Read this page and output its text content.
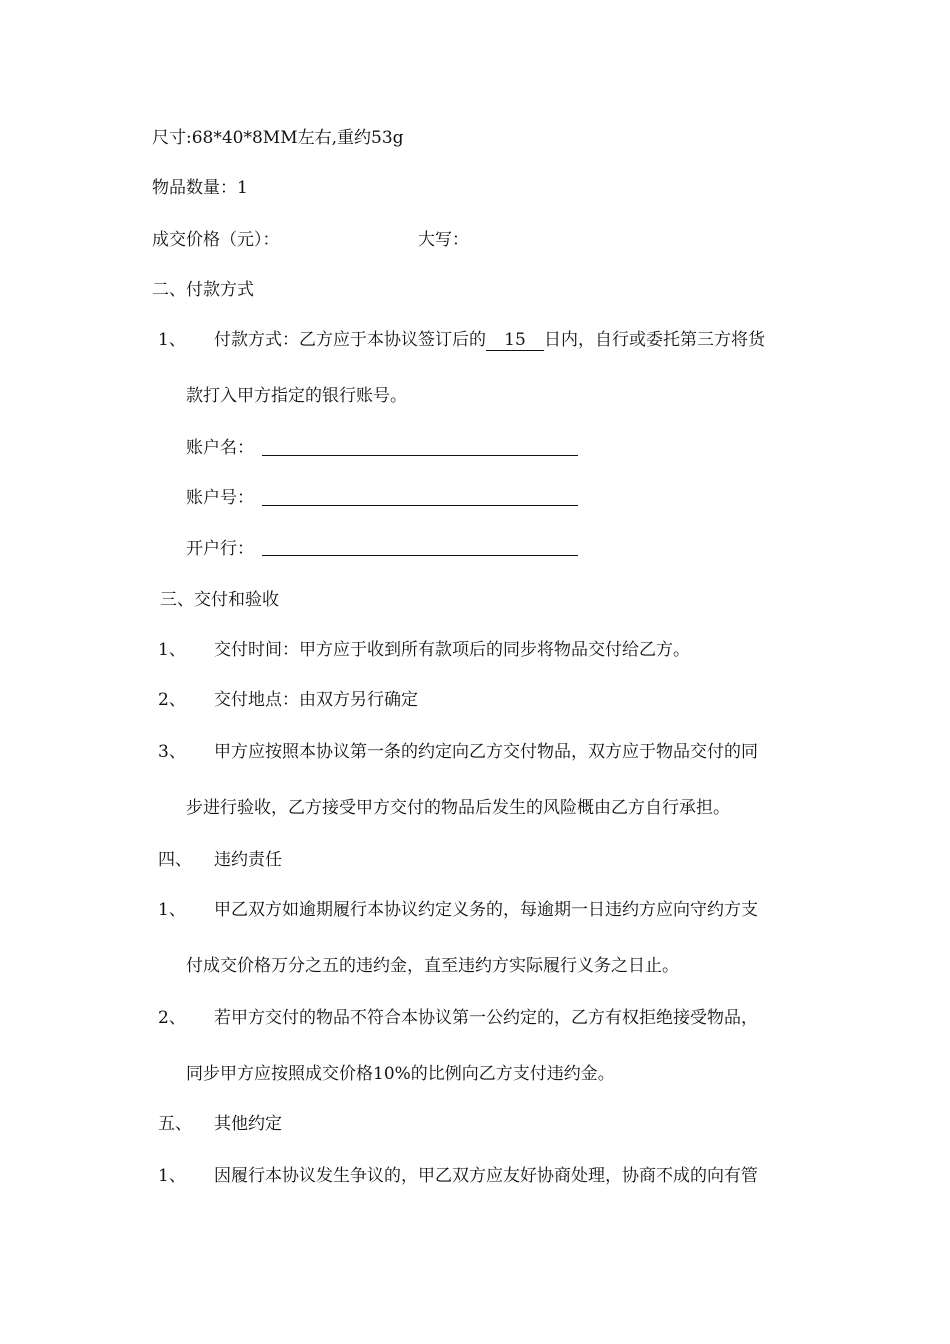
尺寸:68*40*8MM左右,重约53g
物品数量：1
成交价格（元）：	大写：
二、付款方式
1、 付款方式：乙方应于本协议签订后的 15 日内，自行或委托第三方将货
款打入甲方指定的银行账号。
账户名：
账户号：
开户行：
三、交付和验收
1、 交付时间：甲方应于收到所有款项后的同步将物品交付给乙方。
2、 交付地点：由双方另行确定
3、 甲方应按照本协议第一条的约定向乙方交付物品，双方应于物品交付的同
步进行验收，乙方接受甲方交付的物品后发生的风险概由乙方自行承担。
四、 违约责任
1、 甲乙双方如逾期履行本协议约定义务的，每逾期一日违约方应向守约方支
付成交价格万分之五的违约金，直至违约方实际履行义务之日止。
2、 若甲方交付的物品不符合本协议第一公约定的，乙方有权拒绝接受物品，
同步甲方应按照成交价格10%的比例向乙方支付违约金。
五、 其他约定
1、 因履行本协议发生争议的，甲乙双方应友好协商处理，协商不成的向有管
